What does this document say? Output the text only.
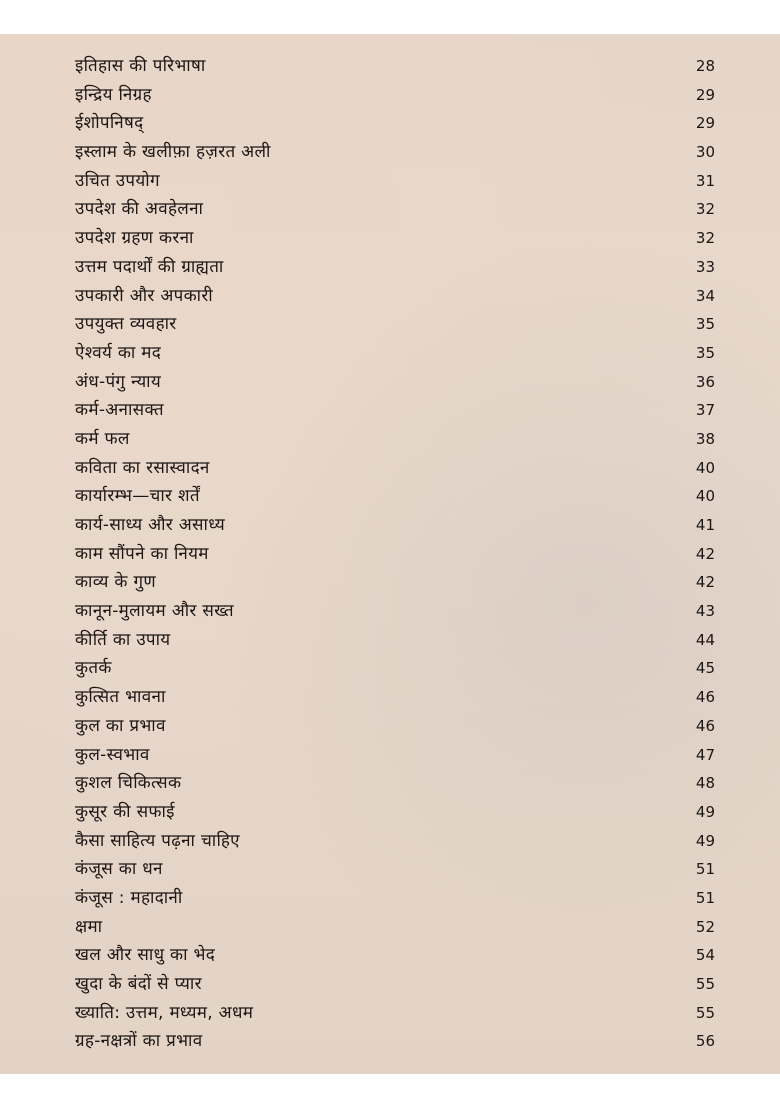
इतिहास की परिभाषा	28
इन्द्रिय निग्रह	29
ईशोपनिषद्	29
इस्लाम के खलीफ़ा हज़रत अली	30
उचित उपयोग	31
उपदेश की अवहेलना	32
उपदेश ग्रहण करना	32
उत्तम पदार्थों की ग्राह्यता	33
उपकारी और अपकारी	34
उपयुक्त व्यवहार	35
ऐश्वर्य का मद	35
अंध-पंगु न्याय	36
कर्म-अनासक्त	37
कर्म फल	38
कविता का रसास्वादन	40
कार्यारम्भ—चार शर्तें	40
कार्य-साध्य और असाध्य	41
काम सौंपने का नियम	42
काव्य के गुण	42
कानून-मुलायम और सख्त	43
कीर्ति का उपाय	44
कुतर्क	45
कुत्सित भावना	46
कुल का प्रभाव	46
कुल-स्वभाव	47
कुशल चिकित्सक	48
कुसूर की सफाई	49
कैसा साहित्य पढ़ना चाहिए	49
कंजूस का धन	51
कंजूस : महादानी	51
क्षमा	52
खल और साधु का भेद	54
खुदा के बंदों से प्यार	55
ख्याति: उत्तम, मध्यम, अधम	55
ग्रह-नक्षत्रों का प्रभाव	56
